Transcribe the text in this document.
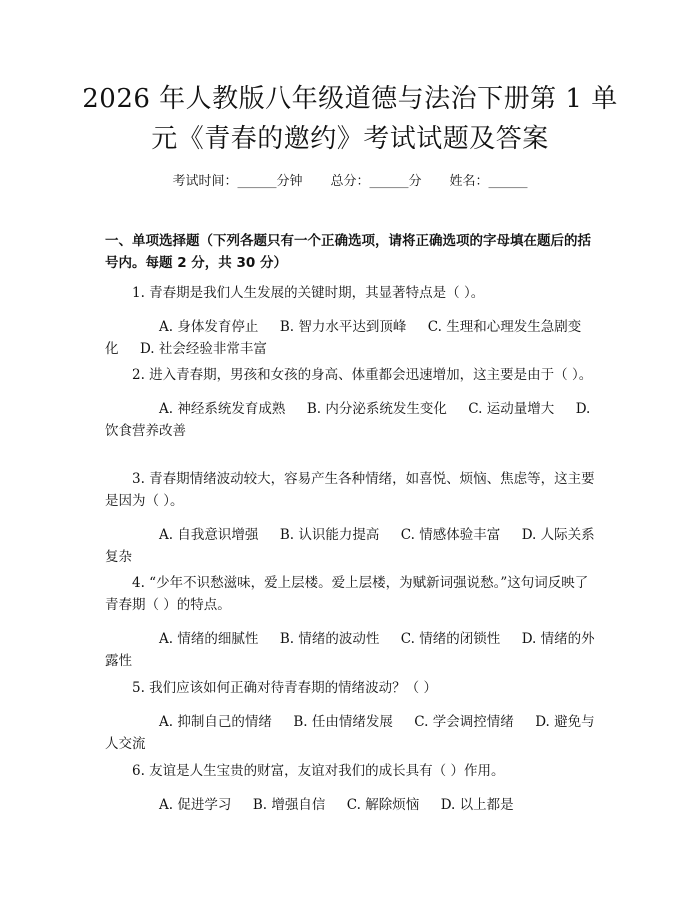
2026 年人教版八年级道德与法治下册第 1 单
元《青春的邀约》考试试题及答案
考试时间：______分钟 总分：______分 姓名：______
一、单项选择题（下列各题只有一个正确选项，请将正确选项的字母填在题后的括号内。每题 2 分，共 30 分）
1. 青春期是我们人生发展的关键时期，其显著特点是（ ）。
A. 身体发育停止 B. 智力水平达到顶峰 C. 生理和心理发生急剧变化 D. 社会经验非常丰富
2. 进入青春期，男孩和女孩的身高、体重都会迅速增加，这主要是由于（ ）。
A. 神经系统发育成熟 B. 内分泌系统发生变化 C. 运动量增大 D. 饮食营养改善
3. 青春期情绪波动较大，容易产生各种情绪，如喜悦、烦恼、焦虑等，这主要是因为（ ）。
A. 自我意识增强 B. 认识能力提高 C. 情感体验丰富 D. 人际关系复杂
4. “少年不识愁滋味，爱上层楼。爱上层楼，为赋新词强说愁。”这句词反映了青春期（ ）的特点。
A. 情绪的细腻性 B. 情绪的波动性 C. 情绪的闭锁性 D. 情绪的外露性
5. 我们应该如何正确对待青春期的情绪波动？（ ）
A. 抑制自己的情绪 B. 任由情绪发展 C. 学会调控情绪 D. 避免与人交流
6. 友谊是人生宝贵的财富，友谊对我们的成长具有（ ）作用。
A. 促进学习 B. 增强自信 C. 解除烦恼 D. 以上都是
